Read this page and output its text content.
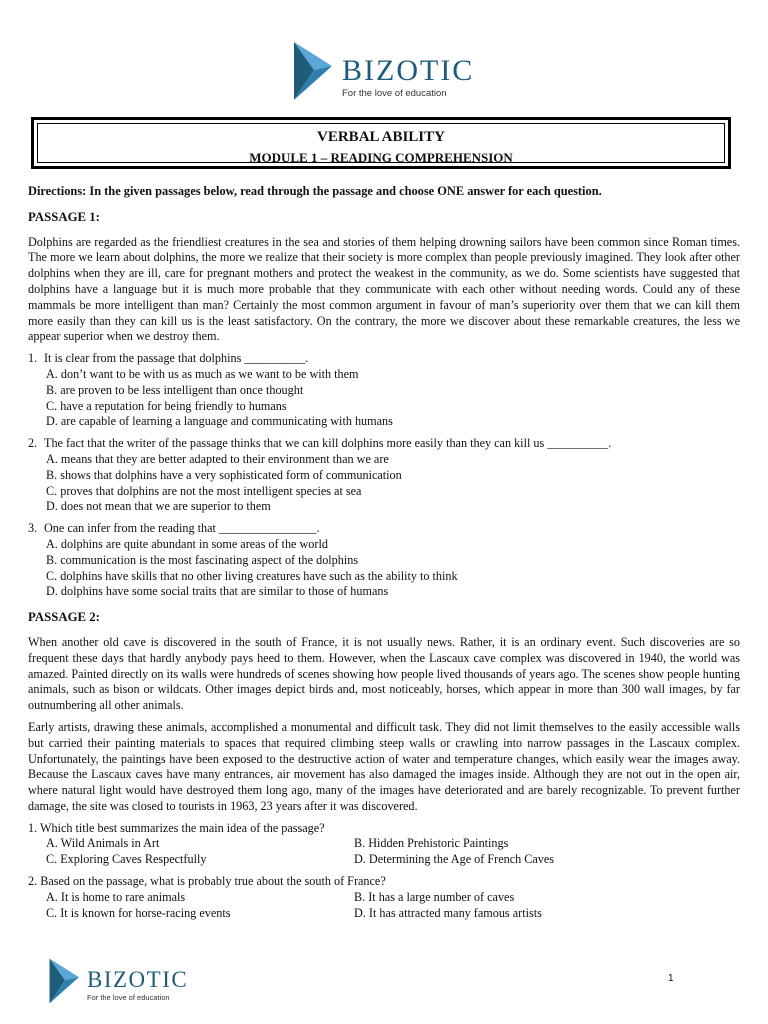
BIZOTIC
For the love of education
VERBAL ABILITY
MODULE 1 – READING COMPREHENSION
Directions: In the given passages below, read through the passage and choose ONE answer for each question.
PASSAGE 1:
Dolphins are regarded as the friendliest creatures in the sea and stories of them helping drowning sailors have been common since Roman times. The more we learn about dolphins, the more we realize that their society is more complex than people previously imagined. They look after other dolphins when they are ill, care for pregnant mothers and protect the weakest in the community, as we do. Some scientists have suggested that dolphins have a language but it is much more probable that they communicate with each other without needing words. Could any of these mammals be more intelligent than man? Certainly the most common argument in favour of man’s superiority over them that we can kill them more easily than they can kill us is the least satisfactory. On the contrary, the more we discover about these remarkable creatures, the less we appear superior when we destroy them.
1. It is clear from the passage that dolphins __________.
A. don’t want to be with us as much as we want to be with them
B. are proven to be less intelligent than once thought
C. have a reputation for being friendly to humans
D. are capable of learning a language and communicating with humans
2. The fact that the writer of the passage thinks that we can kill dolphins more easily than they can kill us __________.
A. means that they are better adapted to their environment than we are
B. shows that dolphins have a very sophisticated form of communication
C. proves that dolphins are not the most intelligent species at sea
D. does not mean that we are superior to them
3. One can infer from the reading that ________________.
A. dolphins are quite abundant in some areas of the world
B. communication is the most fascinating aspect of the dolphins
C. dolphins have skills that no other living creatures have such as the ability to think
D. dolphins have some social traits that are similar to those of humans
PASSAGE 2:
When another old cave is discovered in the south of France, it is not usually news. Rather, it is an ordinary event. Such discoveries are so frequent these days that hardly anybody pays heed to them. However, when the Lascaux cave complex was discovered in 1940, the world was amazed. Painted directly on its walls were hundreds of scenes showing how people lived thousands of years ago. The scenes show people hunting animals, such as bison or wildcats. Other images depict birds and, most noticeably, horses, which appear in more than 300 wall images, by far outnumbering all other animals.
Early artists, drawing these animals, accomplished a monumental and difficult task. They did not limit themselves to the easily accessible walls but carried their painting materials to spaces that required climbing steep walls or crawling into narrow passages in the Lascaux complex. Unfortunately, the paintings have been exposed to the destructive action of water and temperature changes, which easily wear the images away. Because the Lascaux caves have many entrances, air movement has also damaged the images inside. Although they are not out in the open air, where natural light would have destroyed them long ago, many of the images have deteriorated and are barely recognizable. To prevent further damage, the site was closed to tourists in 1963, 23 years after it was discovered.
1. Which title best summarizes the main idea of the passage?
A. Wild Animals in Art	B. Hidden Prehistoric Paintings
C. Exploring Caves Respectfully	D. Determining the Age of French Caves
2. Based on the passage, what is probably true about the south of France?
A. It is home to rare animals	B. It has a large number of caves
C. It is known for horse-racing events	D. It has attracted many famous artists
BIZOTIC
For the love of education
1
